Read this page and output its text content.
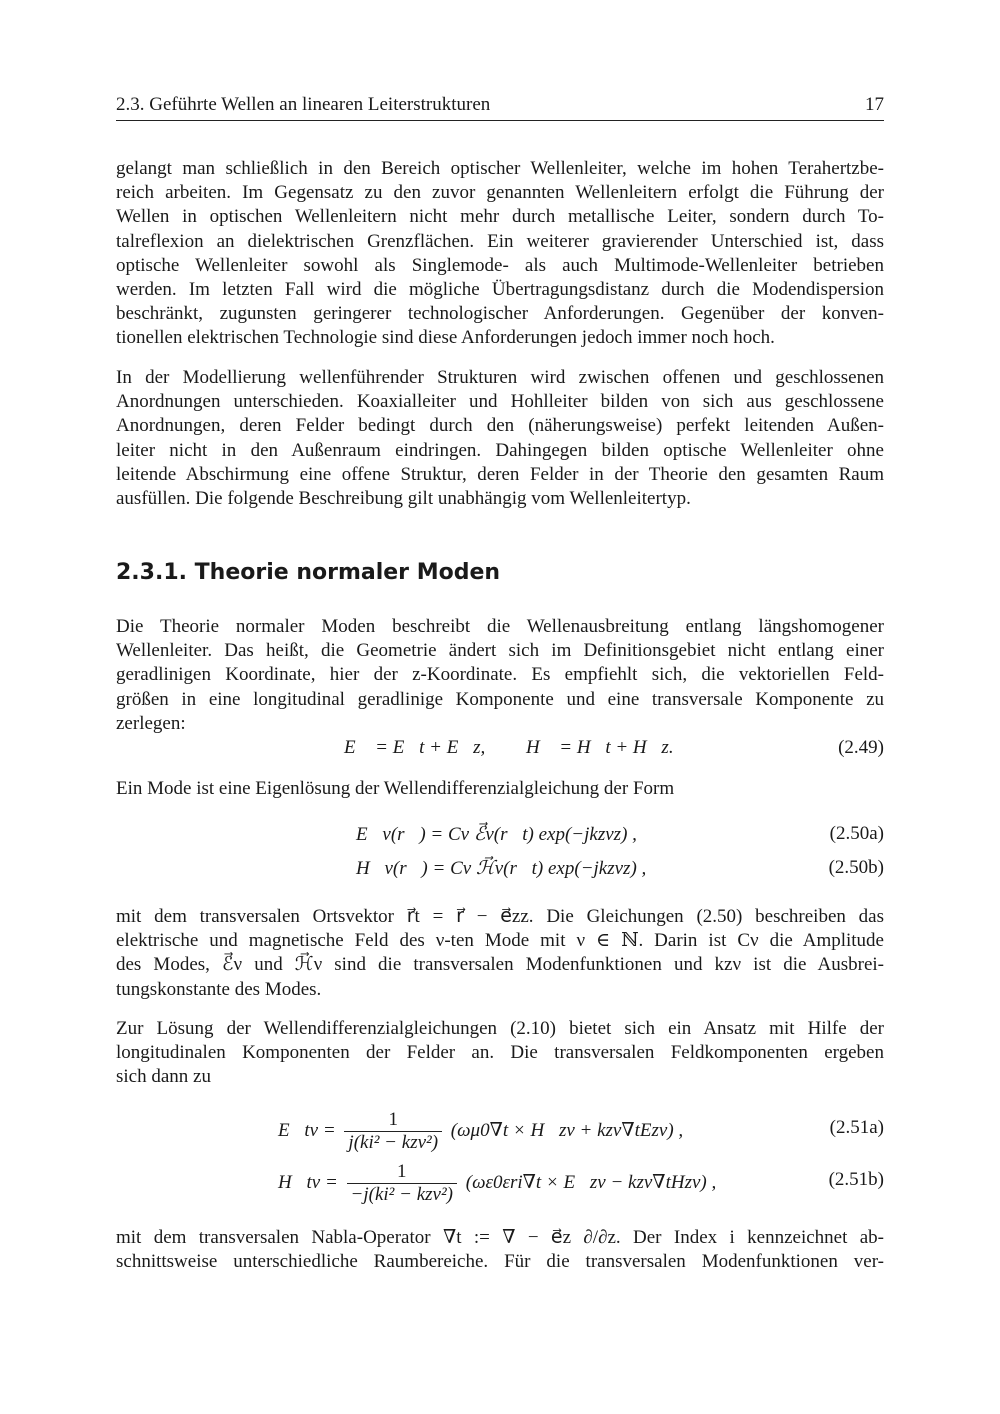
2.3. Geführte Wellen an linearen Leiterstrukturen	17

gelangt man schließlich in den Bereich optischer Wellenleiter, welche im hohen Terahertzbe-
reich arbeiten. Im Gegensatz zu den zuvor genannten Wellenleitern erfolgt die Führung der
Wellen in optischen Wellenleitern nicht mehr durch metallische Leiter, sondern durch To-
talreflexion an dielektrischen Grenzflächen. Ein weiterer gravierender Unterschied ist, dass
optische Wellenleiter sowohl als Singlemode- als auch Multimode-Wellenleiter betrieben
werden. Im letzten Fall wird die mögliche Übertragungsdistanz durch die Modendispersion
beschränkt, zugunsten geringerer technologischer Anforderungen. Gegenüber der konven-
tionellen elektrischen Technologie sind diese Anforderungen jedoch immer noch hoch.

In der Modellierung wellenführender Strukturen wird zwischen offenen und geschlossenen
Anordnungen unterschieden. Koaxialleiter und Hohlleiter bilden von sich aus geschlossene
Anordnungen, deren Felder bedingt durch den (näherungsweise) perfekt leitenden Außen-
leiter nicht in den Außenraum eindringen. Dahingegen bilden optische Wellenleiter ohne
leitende Abschirmung eine offene Struktur, deren Felder in der Theorie den gesamten Raum
ausfüllen. Die folgende Beschreibung gilt unabhängig vom Wellenleitertyp.

2.3.1. Theorie normaler Moden

Die Theorie normaler Moden beschreibt die Wellenausbreitung entlang längshomogener
Wellenleiter. Das heißt, die Geometrie ändert sich im Definitionsgebiet nicht entlang einer
geradlinigen Koordinate, hier der z-Koordinate. Es empfiehlt sich, die vektoriellen Feld-
größen in eine longitudinal geradlinige Komponente und eine transversale Komponente zu
zerlegen:

E⃗ = E⃗t + E⃗z, H⃗ = H⃗t + H⃗z.	(2.49)

Ein Mode ist eine Eigenlösung der Wellendifferenzialgleichung der Form

E⃗ν(r⃗) = Cν ℰ⃗ν(r⃗t) exp(−jkzνz) ,	(2.50a)
H⃗ν(r⃗) = Cν ℋ⃗ν(r⃗t) exp(−jkzνz) ,	(2.50b)

mit dem transversalen Ortsvektor r⃗t = r⃗ − e⃗zz. Die Gleichungen (2.50) beschreiben das
elektrische und magnetische Feld des ν-ten Mode mit ν ∈ ℕ. Darin ist Cν die Amplitude
des Modes, ℰ⃗ν und ℋ⃗ν sind die transversalen Modenfunktionen und kzν ist die Ausbrei-
tungskonstante des Modes.

Zur Lösung der Wellendifferenzialgleichungen (2.10) bietet sich ein Ansatz mit Hilfe der
longitudinalen Komponenten der Felder an. Die transversalen Feldkomponenten ergeben
sich dann zu

E⃗tν = $\frac{1}{\text{j(ki² − kzν²)}} (\omega\mu 0\nabla t$ × H⃗zν + kzν∇tEzν) ,	(2.51a)
H⃗tν = $\frac{1}{\text{−j(ki² − kzν²)}} (\omega\varepsilon 0\varepsilon ri\nabla t$ × E⃗zν − kzν∇tHzν) ,	(2.51b)

mit dem transversalen Nabla-Operator ∇t := ∇ − e⃗z ∂/∂z. Der Index i kennzeichnet ab-
schnittsweise unterschiedliche Raumbereiche. Für die transversalen Modenfunktionen ver-
